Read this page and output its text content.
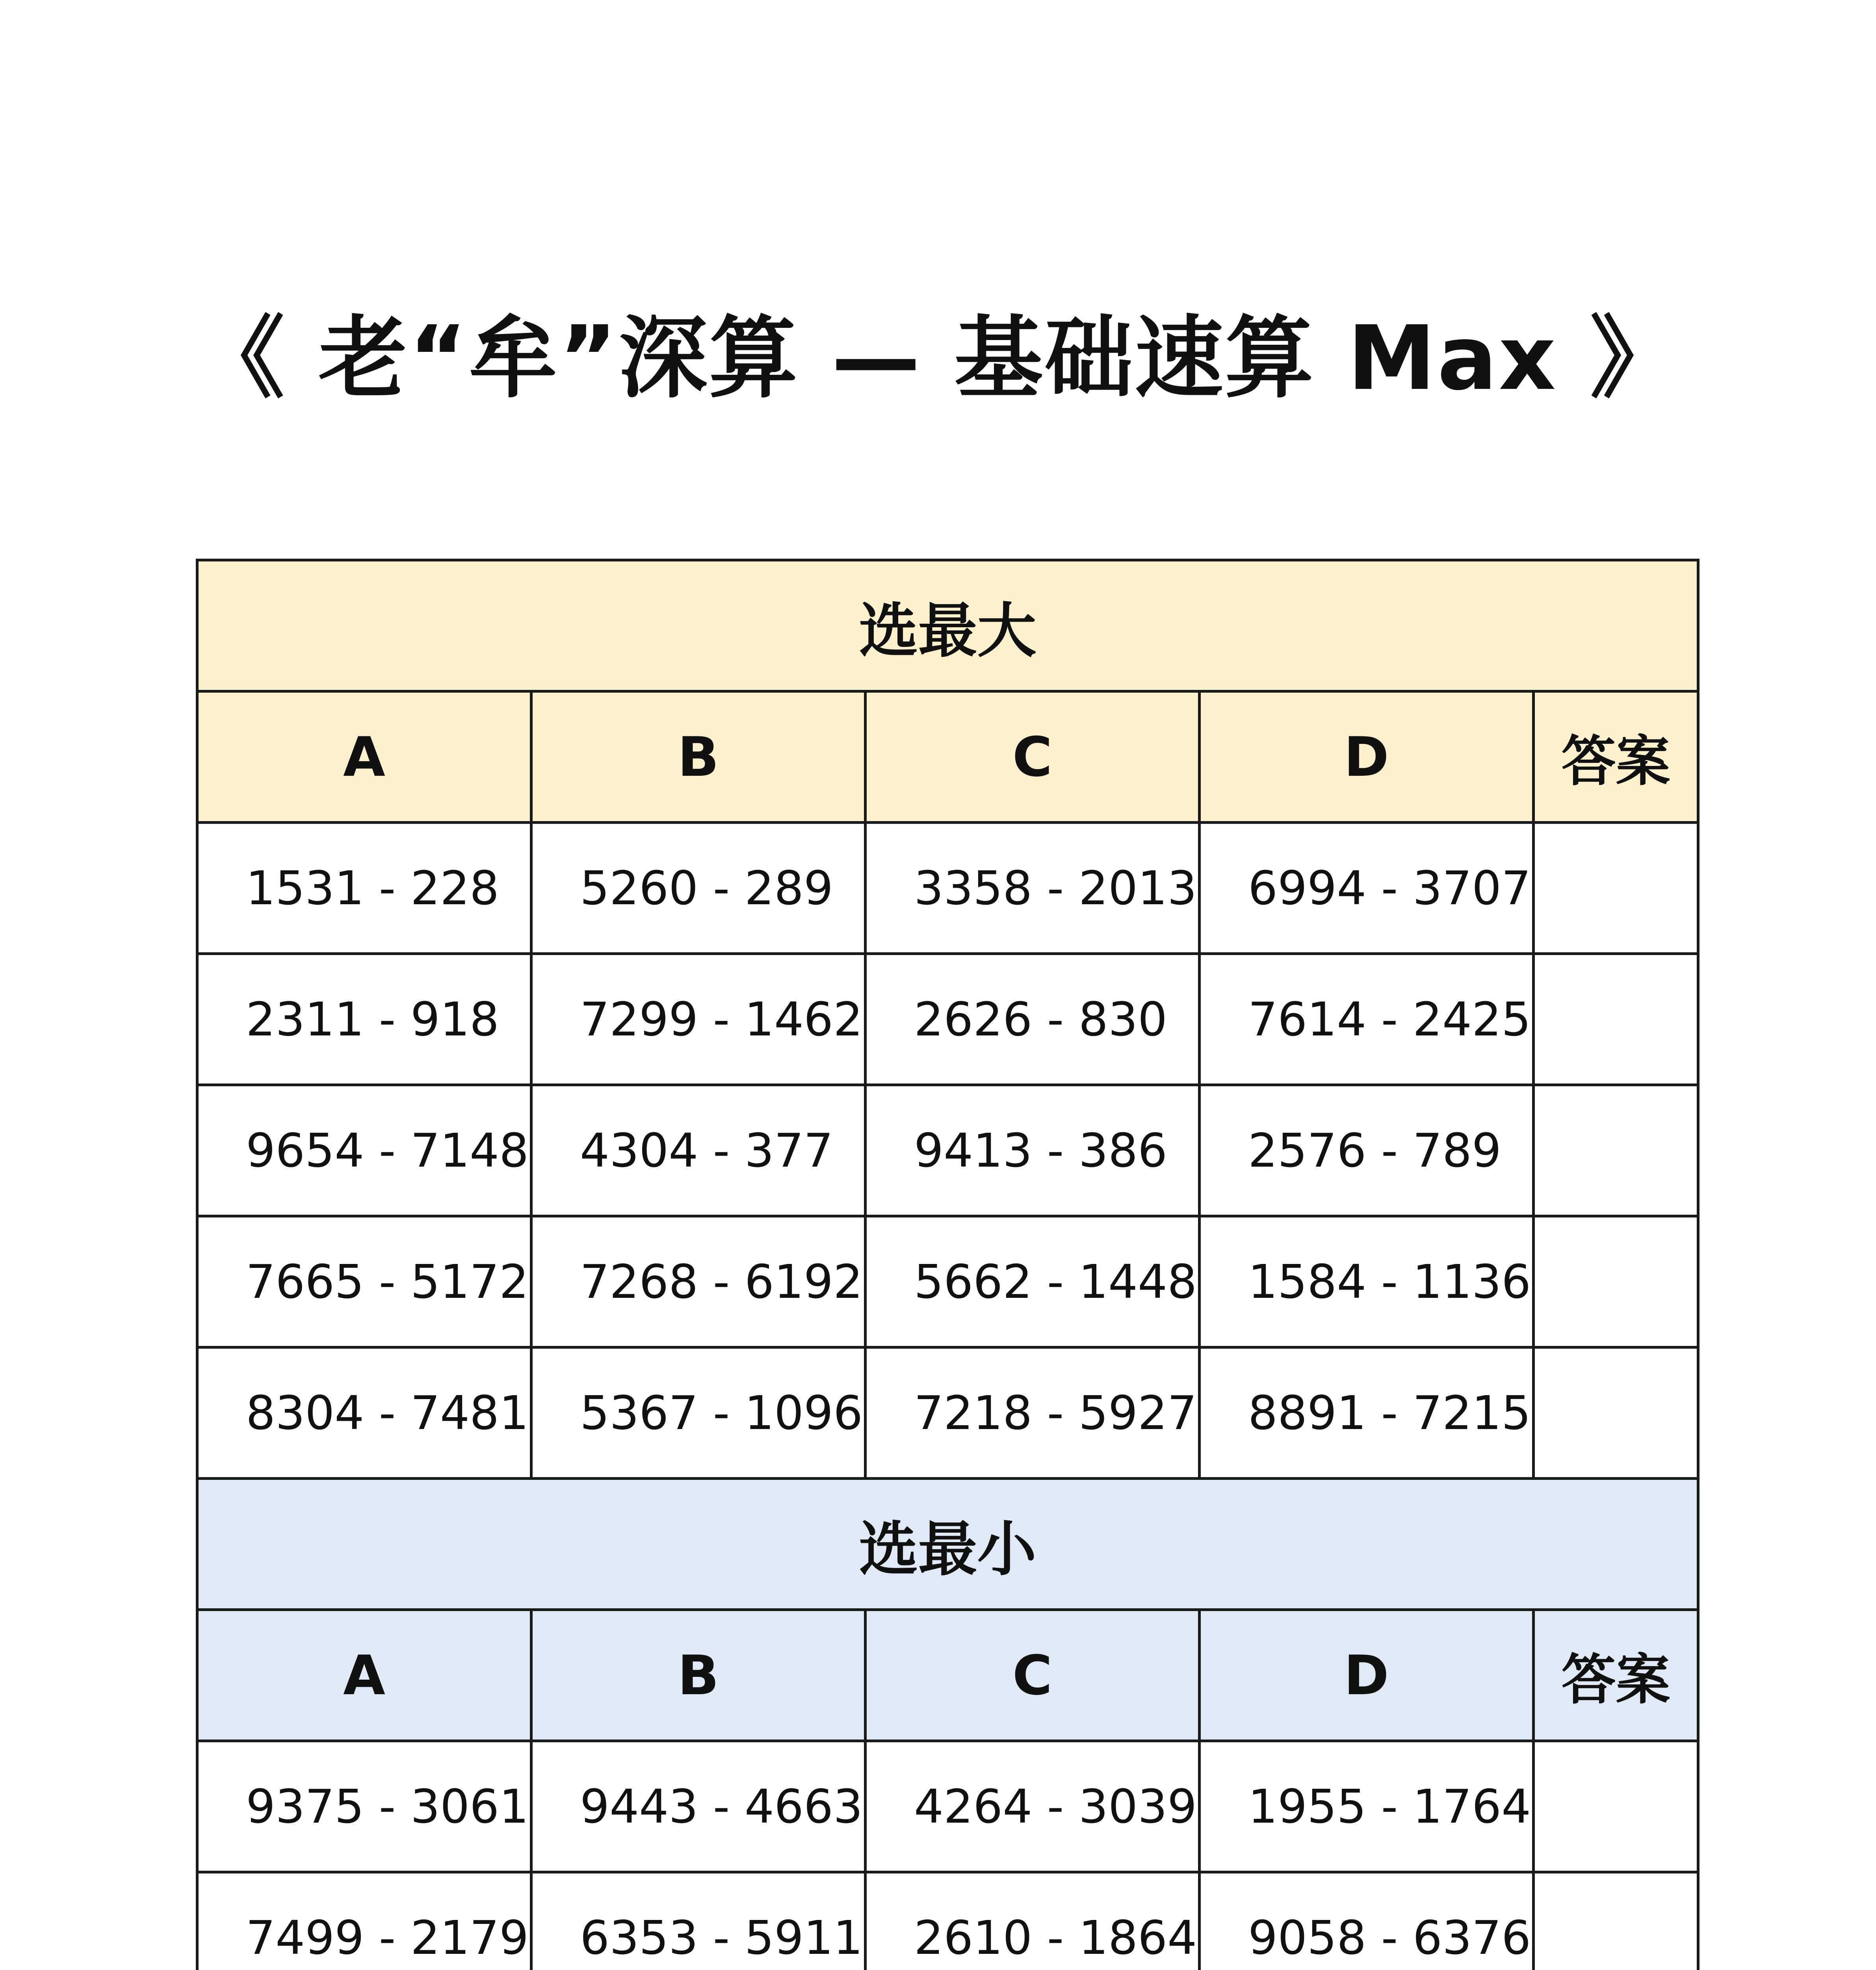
《 老“牟”深算 — 基础速算 Max 》
选最大				
A	B	C	D	答案
1531 - 228	5260 - 289	3358 - 2013	6994 - 3707	
2311 - 918	7299 - 1462	2626 - 830	7614 - 2425	
9654 - 7148	4304 - 377	9413 - 386	2576 - 789	
7665 - 5172	7268 - 6192	5662 - 1448	1584 - 1136	
8304 - 7481	5367 - 1096	7218 - 5927	8891 - 7215	
选最小				
A	B	C	D	答案
9375 - 3061	9443 - 4663	4264 - 3039	1955 - 1764	
7499 - 2179	6353 - 5911	2610 - 1864	9058 - 6376	
